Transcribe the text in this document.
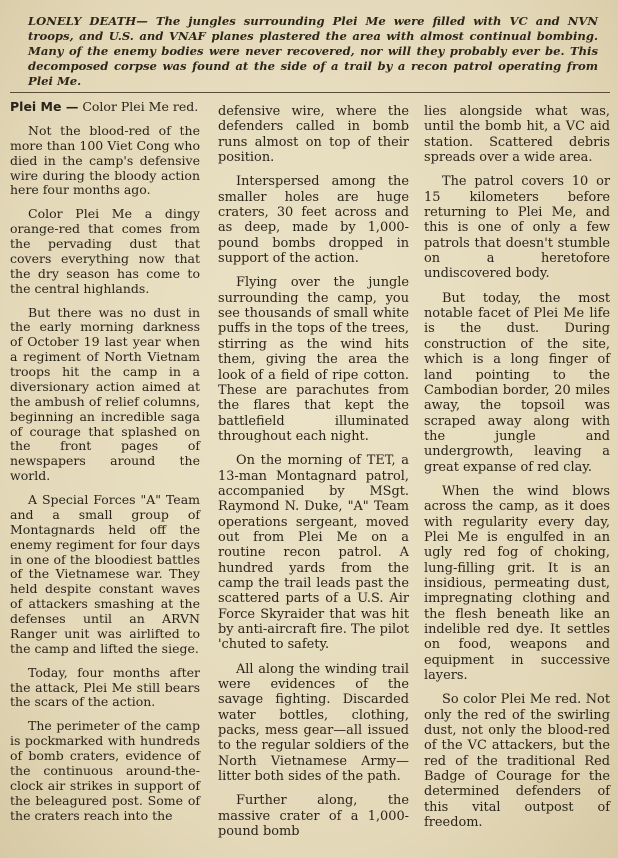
LONELY DEATH— The jungles surrounding Plei Me were filled with VC and NVN troops, and U.S. and VNAF planes plastered the area with almost continual bombing. Many of the enemy bodies were never recovered, nor will they probably ever be. This decomposed corpse was found at the side of a trail by a recon patrol operating from Plei Me.

Plei Me — Color Plei Me red.

Not the blood-red of the more than 100 Viet Cong who died in the camp's defensive wire during the bloody action here four months ago.

Color Plei Me a dingy orange-red that comes from the pervading dust that covers everything now that the dry season has come to the central highlands.

But there was no dust in the early morning darkness of October 19 last year when a regiment of North Vietnam troops hit the camp in a diversionary action aimed at the ambush of relief columns, beginning an incredible saga of courage that splashed on the front pages of newspapers around the world.

A Special Forces "A" Team and a small group of Montagnards held off the enemy regiment for four days in one of the bloodiest battles of the Vietnamese war. They held despite constant waves of attackers smashing at the defenses until an ARVN Ranger unit was airlifted to the camp and lifted the siege.

Today, four months after the attack, Plei Me still bears the scars of the action.

The perimeter of the camp is pockmarked with hundreds of bomb craters, evidence of the continuous around-the-clock air strikes in support of the beleagured post. Some of the craters reach into the

defensive wire, where the defenders called in bomb runs almost on top of their position.

Interspersed among the smaller holes are huge craters, 30 feet across and as deep, made by 1,000-pound bombs dropped in support of the action.

Flying over the jungle surrounding the camp, you see thousands of small white puffs in the tops of the trees, stirring as the wind hits them, giving the area the look of a field of ripe cotton. These are parachutes from the flares that kept the battlefield illuminated throughout each night.

On the morning of TET, a 13-man Montagnard patrol, accompanied by MSgt. Raymond N. Duke, "A" Team operations sergeant, moved out from Plei Me on a routine recon patrol. A hundred yards from the camp the trail leads past the scattered parts of a U.S. Air Force Skyraider that was hit by anti-aircraft fire. The pilot 'chuted to safety.

All along the winding trail were evidences of the savage fighting. Discarded water bottles, clothing, packs, mess gear—all issued to the regular soldiers of the North Vietnamese Army—litter both sides of the path.

Further along, the massive crater of a 1,000-pound bomb

lies alongside what was, until the bomb hit, a VC aid station. Scattered debris spreads over a wide area.

The patrol covers 10 or 15 kilometers before returning to Plei Me, and this is one of only a few patrols that doesn't stumble on a heretofore undiscovered body.

But today, the most notable facet of Plei Me life is the dust. During construction of the site, which is a long finger of land pointing to the Cambodian border, 20 miles away, the topsoil was scraped away along with the jungle and undergrowth, leaving a great expanse of red clay.

When the wind blows across the camp, as it does with regularity every day, Plei Me is engulfed in an ugly red fog of choking, lung-filling grit. It is an insidious, permeating dust, impregnating clothing and the flesh beneath like an indelible red dye. It settles on food, weapons and equipment in successive layers.

So color Plei Me red. Not only the red of the swirling dust, not only the blood-red of the VC attackers, but the red of the traditional Red Badge of Courage for the determined defenders of this vital outpost of freedom.
